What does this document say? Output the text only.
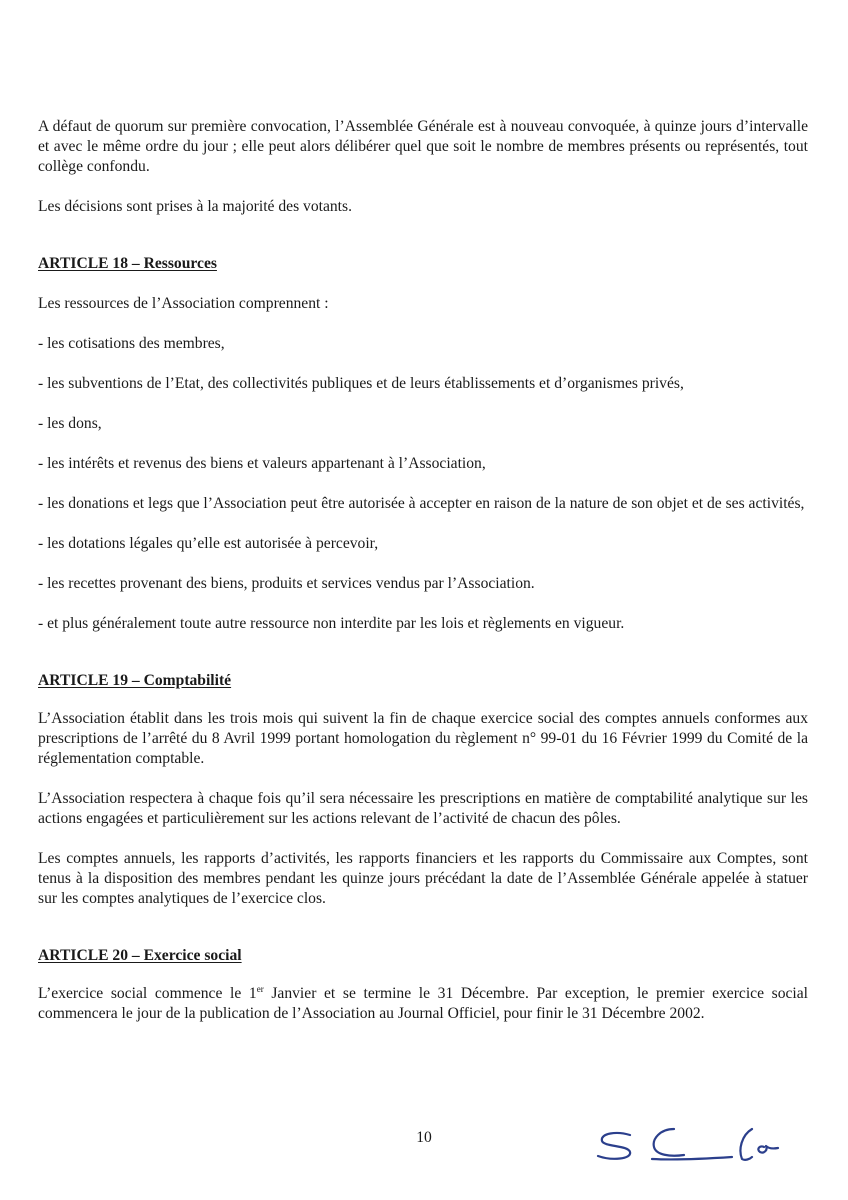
A défaut de quorum sur première convocation, l’Assemblée Générale est à nouveau convoquée, à quinze jours d’intervalle et avec le même ordre du jour ; elle peut alors délibérer quel que soit le nombre de membres présents ou représentés, tout collège confondu.

Les décisions sont prises à la majorité des votants.

ARTICLE 18 – Ressources

Les ressources de l’Association comprennent :

- les cotisations des membres,

- les subventions de l’Etat, des collectivités publiques et de leurs établissements et d’organismes privés,

- les dons,

- les intérêts et revenus des biens et valeurs appartenant à l’Association,

- les donations et legs que l’Association peut être autorisée à accepter en raison de la nature de son objet et de ses activités,

- les dotations légales qu’elle est autorisée à percevoir,

- les recettes provenant des biens, produits et services vendus par l’Association.

- et plus généralement toute autre ressource non interdite par les lois et règlements en vigueur.

ARTICLE 19 – Comptabilité

L’Association établit dans les trois mois qui suivent la fin de chaque exercice social des comptes annuels conformes aux prescriptions de l’arrêté du 8 Avril 1999 portant homologation du règlement n° 99-01 du 16 Février 1999 du Comité de la réglementation comptable.

L’Association respectera à chaque fois qu’il sera nécessaire les prescriptions en matière de comptabilité analytique sur les actions engagées et particulièrement sur les actions relevant de l’activité de chacun des pôles.

Les comptes annuels, les rapports d’activités, les rapports financiers et les rapports du Commissaire aux Comptes, sont tenus à la disposition des membres pendant les quinze jours précédant la date de l’Assemblée Générale appelée à statuer sur les comptes analytiques de l’exercice clos.

ARTICLE 20 – Exercice social

L’exercice social commence le 1er Janvier et se termine le 31 Décembre. Par exception, le premier exercice social commencera le jour de la publication de l’Association au Journal Officiel, pour finir le 31 Décembre 2002.

10
